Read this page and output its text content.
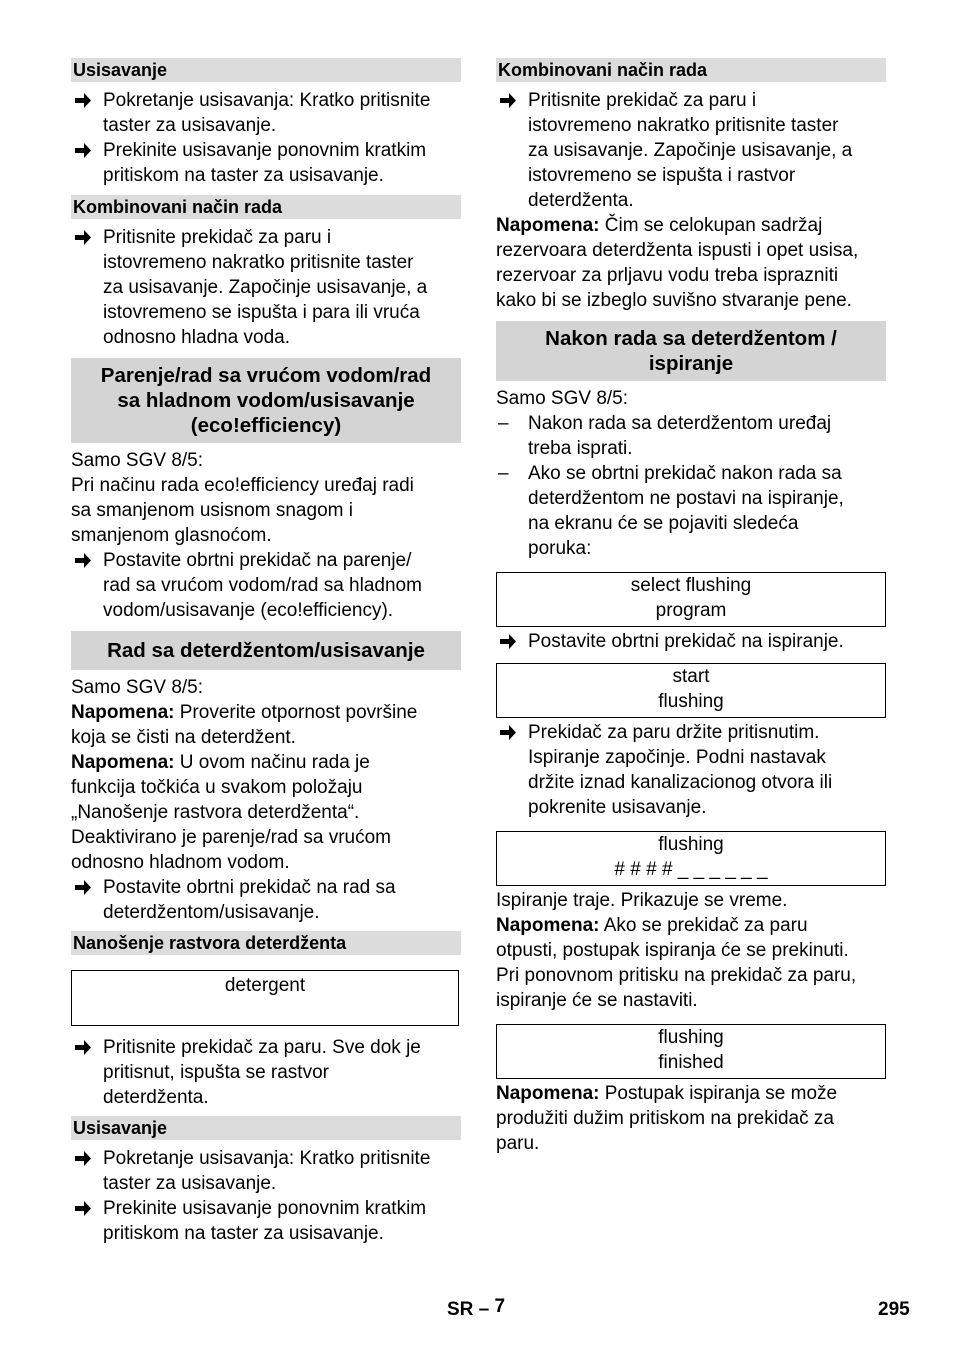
Usisavanje
Pokretanje usisavanja: Kratko pritisnite
taster za usisavanje.
Prekinite usisavanje ponovnim kratkim
pritiskom na taster za usisavanje.
Kombinovani način rada
Pritisnite prekidač za paru i
istovremeno nakratko pritisnite taster
za usisavanje. Započinje usisavanje, a
istovremeno se ispušta i para ili vruća
odnosno hladna voda.
Parenje/rad sa vrućom vodom/rad
sa hladnom vodom/usisavanje
(eco!efficiency)
Samo SGV 8/5:
Pri načinu rada eco!efficiency uređaj radi
sa smanjenom usisnom snagom i
smanjenom glasnoćom.
Postavite obrtni prekidač na parenje/
rad sa vrućom vodom/rad sa hladnom
vodom/usisavanje (eco!efficiency).
Rad sa deterdžentom/usisavanje
Samo SGV 8/5:
Napomena: Proverite otpornost površine
koja se čisti na deterdžent.
Napomena: U ovom načinu rada je
funkcija točkića u svakom položaju
„Nanošenje rastvora deterdženta“.
Deaktivirano je parenje/rad sa vrućom
odnosno hladnom vodom.
Postavite obrtni prekidač na rad sa
deterdžentom/usisavanje.
Nanošenje rastvora deterdženta
detergent
Pritisnite prekidač za paru. Sve dok je
pritisnut, ispušta se rastvor
deterdženta.
Usisavanje
Pokretanje usisavanja: Kratko pritisnite
taster za usisavanje.
Prekinite usisavanje ponovnim kratkim
pritiskom na taster za usisavanje.
Kombinovani način rada
Pritisnite prekidač za paru i
istovremeno nakratko pritisnite taster
za usisavanje. Započinje usisavanje, a
istovremeno se ispušta i rastvor
deterdženta.
Napomena: Čim se celokupan sadržaj
rezervoara deterdženta ispusti i opet usisa,
rezervoar za prljavu vodu treba isprazniti
kako bi se izbeglo suvišno stvaranje pene.
Nakon rada sa deterdžentom /
ispiranje
Samo SGV 8/5:
– Nakon rada sa deterdžentom uređaj
treba isprati.
– Ako se obrtni prekidač nakon rada sa
deterdžentom ne postavi na ispiranje,
na ekranu će se pojaviti sledeća
poruka:
select flushing
program
Postavite obrtni prekidač na ispiranje.
start
flushing
Prekidač za paru držite pritisnutim.
Ispiranje započinje. Podni nastavak
držite iznad kanalizacionog otvora ili
pokrenite usisavanje.
flushing
# # # # _ _ _ _ _ _
Ispiranje traje. Prikazuje se vreme.
Napomena: Ako se prekidač za paru
otpusti, postupak ispiranja će se prekinuti.
Pri ponovnom pritisku na prekidač za paru,
ispiranje će se nastaviti.
flushing
finished
Napomena: Postupak ispiranja se može
produžiti dužim pritiskom na prekidač za
paru.
SR – 7	295
